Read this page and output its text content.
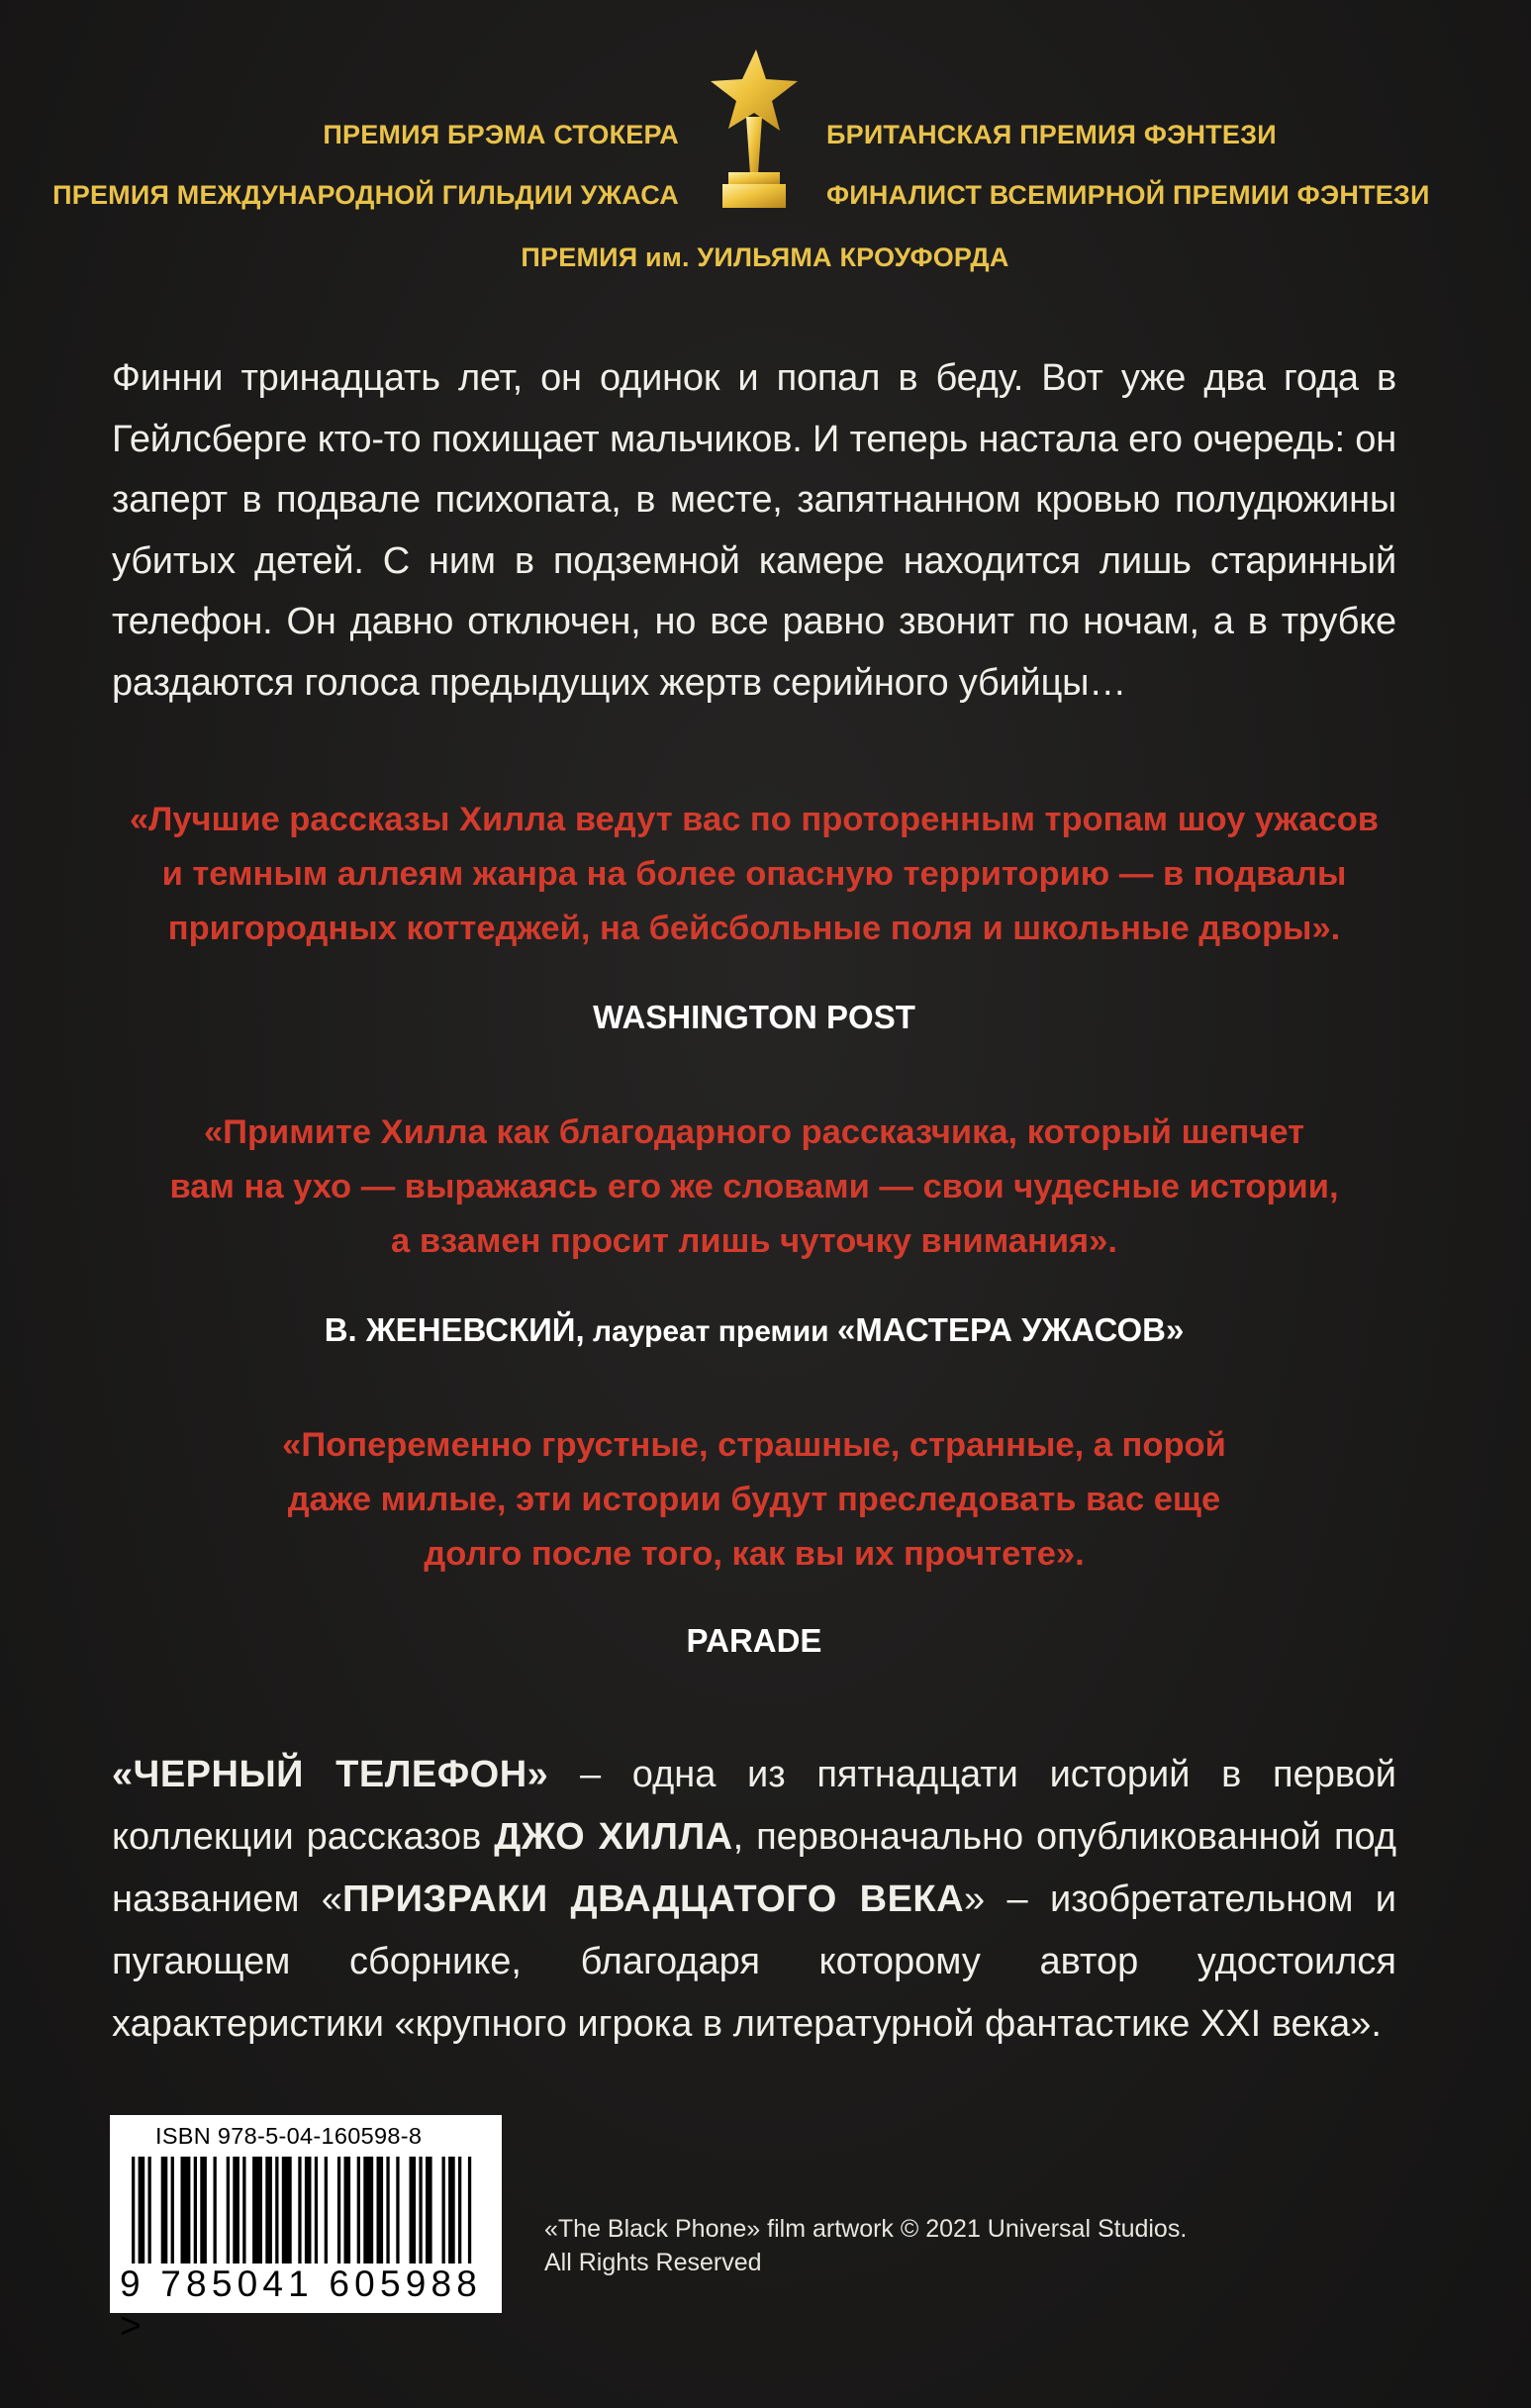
ПРЕМИЯ БРЭМА СТОКЕРА
ПРЕМИЯ МЕЖДУНАРОДНОЙ ГИЛЬДИИ УЖАСА
БРИТАНСКАЯ ПРЕМИЯ ФЭНТЕЗИ
ФИНАЛИСТ ВСЕМИРНОЙ ПРЕМИИ ФЭНТЕЗИ
ПРЕМИЯ им. УИЛЬЯМА КРОУФОРДА
Финни тринадцать лет, он одинок и попал в беду. Вот уже два года в Гейлсберге кто-то похищает мальчиков. И теперь настала его очередь: он заперт в подвале психопата, в месте, запятнанном кровью полудюжины убитых детей. С ним в подземной камере находится лишь старинный телефон. Он давно отключен, но все равно звонит по ночам, а в трубке раздаются голоса предыдущих жертв серийного убийцы…
«Лучшие рассказы Хилла ведут вас по проторенным тропам шоу ужасов
и темным аллеям жанра на более опасную территорию — в подвалы
пригородных коттеджей, на бейсбольные поля и школьные дворы».
WASHINGTON POST
«Примите Хилла как благодарного рассказчика, который шепчет
вам на ухо — выражаясь его же словами — свои чудесные истории,
а взамен просит лишь чуточку внимания».
В. ЖЕНЕВСКИЙ, лауреат премии «МАСТЕРА УЖАСОВ»
«Попеременно грустные, страшные, странные, а порой
даже милые, эти истории будут преследовать вас еще
долго после того, как вы их прочтете».
PARADE
«ЧЕРНЫЙ ТЕЛЕФОН» – одна из пятнадцати историй в первой коллекции рассказов ДЖО ХИЛЛА, первоначально опубликованной под названием «ПРИЗРАКИ ДВАДЦАТОГО ВЕКА» – изобретательном и пугающем сборнике, благодаря которому автор удостоился характеристики «крупного игрока в литературной фантастике XXI века».
ISBN 978-5-04-160598-8
9 785041 605988 >
«The Black Phone» film artwork © 2021 Universal Studios.
All Rights Reserved
